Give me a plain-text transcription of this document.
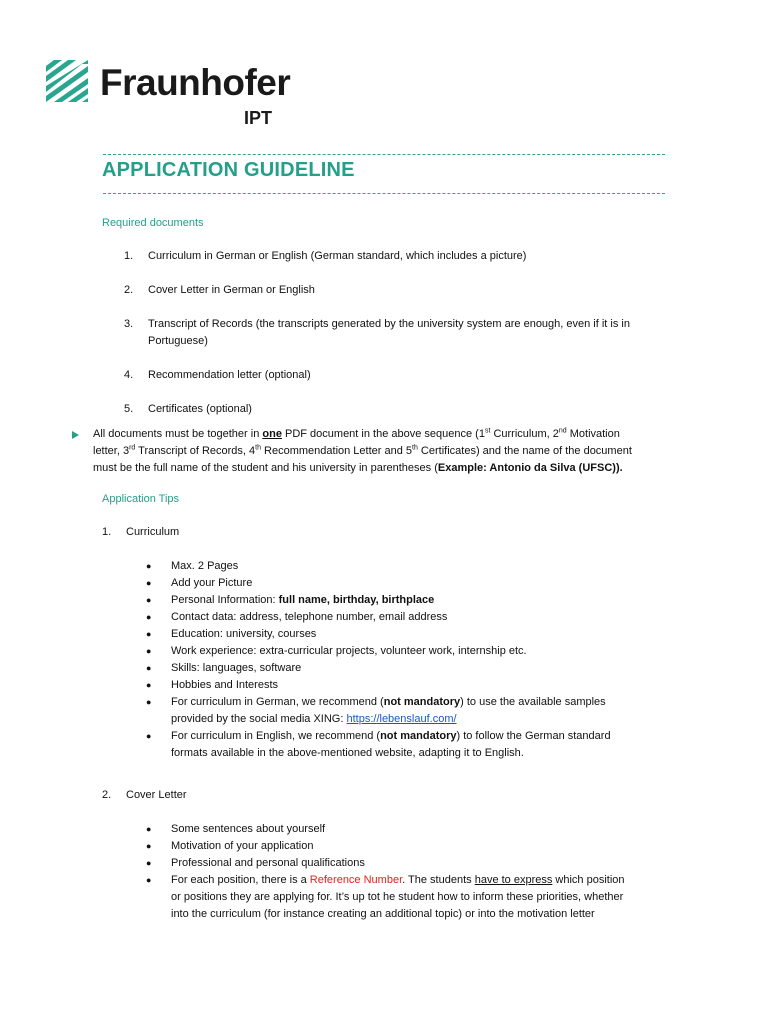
Fraunhofer
IPT
APPLICATION GUIDELINE
Required documents
1.	Curriculum in German or English (German standard, which includes a picture)
2.	Cover Letter in German or English
3.	Transcript of Records (the transcripts generated by the university system are enough, even if it is in
Portuguese)
4.	Recommendation letter (optional)
5.	Certificates (optional)
All documents must be together in one PDF document in the above sequence (1st Curriculum, 2nd Motivation
letter, 3rd Transcript of Records, 4th Recommendation Letter and 5th Certificates) and the name of the document
must be the full name of the student and his university in parentheses (Example: Antonio da Silva (UFSC)).
Application Tips
1.	Curriculum
●	Max. 2 Pages
●	Add your Picture
●	Personal Information: full name, birthday, birthplace
●	Contact data: address, telephone number, email address
●	Education: university, courses
●	Work experience: extra-curricular projects, volunteer work, internship etc.
●	Skills: languages, software
●	Hobbies and Interests
●	For curriculum in German, we recommend (not mandatory) to use the available samples
provided by the social media XING: https://lebenslauf.com/
●	For curriculum in English, we recommend (not mandatory) to follow the German standard
formats available in the above-mentioned website, adapting it to English.
2.	Cover Letter
●	Some sentences about yourself
●	Motivation of your application
●	Professional and personal qualifications
●	For each position, there is a Reference Number. The students have to express which position
or positions they are applying for. It’s up tot he student how to inform these priorities, whether
into the curriculum (for instance creating an additional topic) or into the motivation letter
